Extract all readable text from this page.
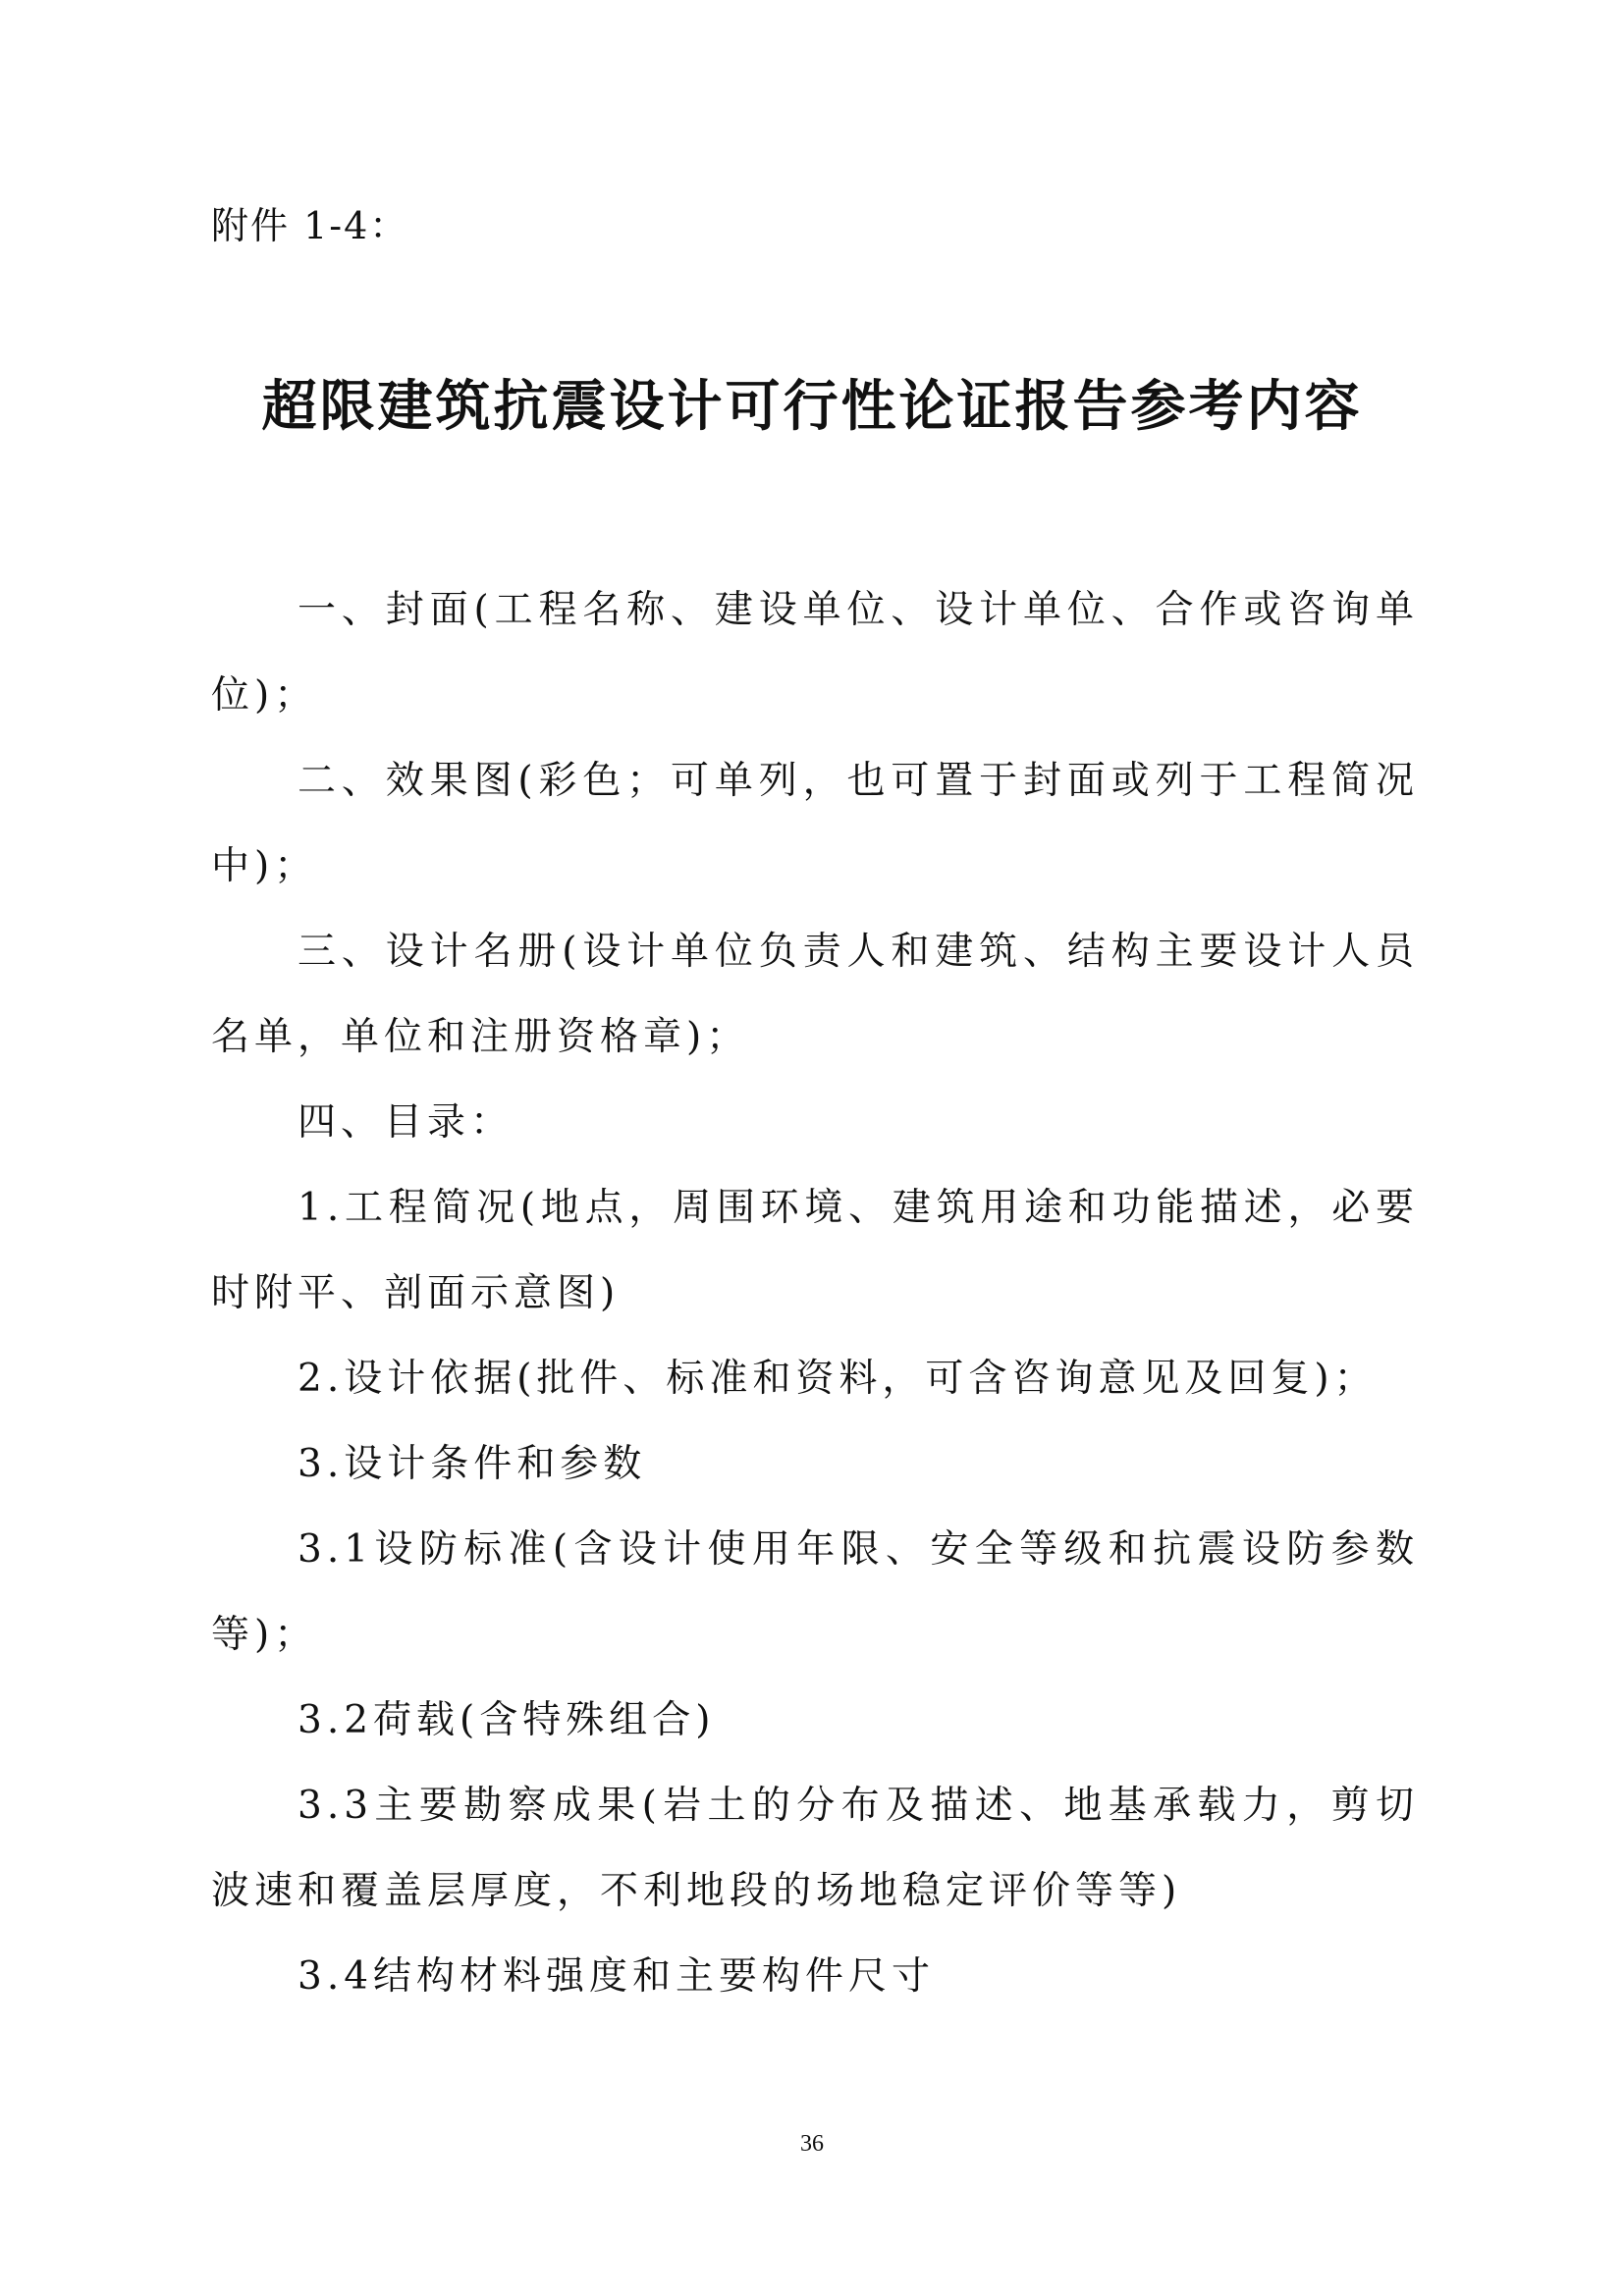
附件 1-4：
超限建筑抗震设计可行性论证报告参考内容

一、封面(工程名称、建设单位、设计单位、合作或咨询单位)；

二、效果图(彩色；可单列，也可置于封面或列于工程简况中)；

三、设计名册(设计单位负责人和建筑、结构主要设计人员名单，单位和注册资格章)；

四、目录：

1.工程简况(地点，周围环境、建筑用途和功能描述，必要时附平、剖面示意图)

2.设计依据(批件、标准和资料，可含咨询意见及回复)；

3.设计条件和参数

3.1设防标准(含设计使用年限、安全等级和抗震设防参数等)；

3.2荷载(含特殊组合)

3.3主要勘察成果(岩土的分布及描述、地基承载力，剪切波速和覆盖层厚度，不利地段的场地稳定评价等等)

3.4结构材料强度和主要构件尺寸

36
